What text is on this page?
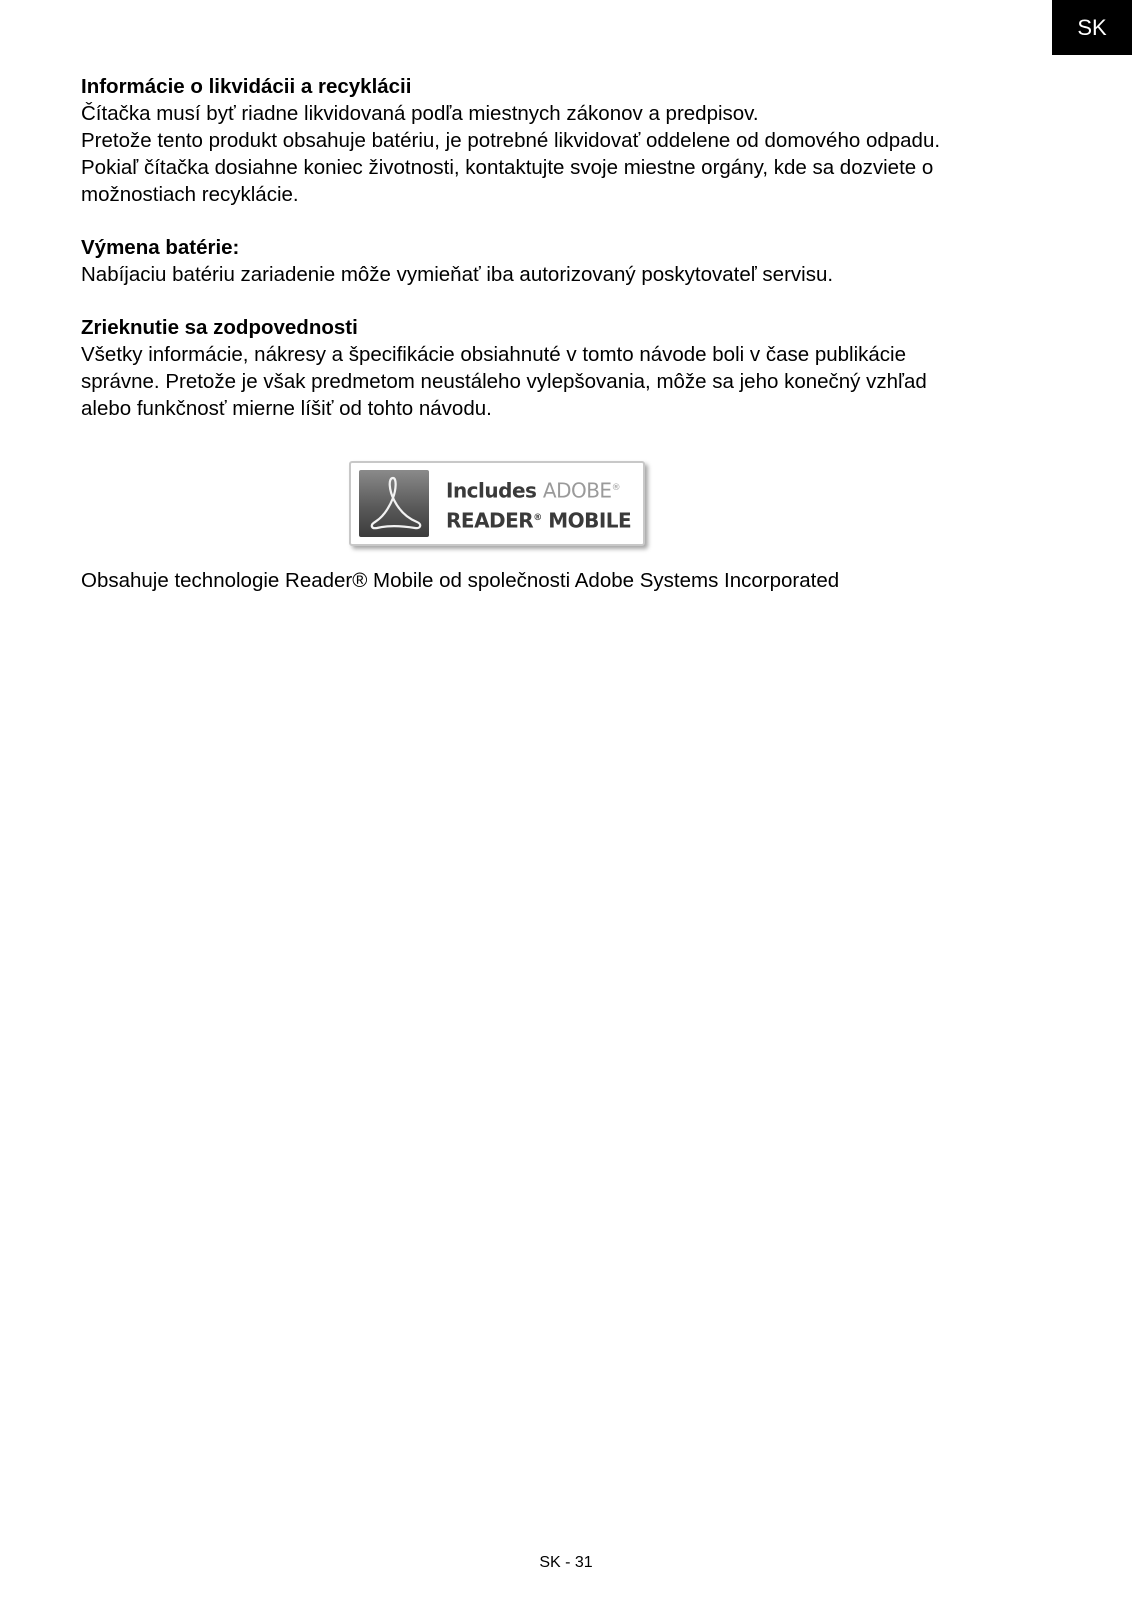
SK

Informácie o likvidácii a recyklácii

Čítačka musí byť riadne likvidovaná podľa miestnych zákonov a predpisov.

Pretože tento produkt obsahuje batériu, je potrebné likvidovať oddelene od domového odpadu.

Pokiaľ čítačka dosiahne koniec životnosti, kontaktujte svoje miestne orgány, kde sa dozviete o

možnostiach recyklácie.

Výmena batérie:

Nabíjaciu batériu zariadenie môže vymieňať iba autorizovaný poskytovateľ servisu.

Zrieknutie sa zodpovednosti

Všetky informácie, nákresy a špecifikácie obsiahnuté v tomto návode boli v čase publikácie

správne. Pretože je však predmetom neustáleho vylepšovania, môže sa jeho konečný vzhľad

alebo funkčnosť mierne líšiť od tohto návodu.

Includes ADOBE®
READER® MOBILE
Obsahuje technologie Reader® Mobile od společnosti Adobe Systems Incorporated
SK - 31
